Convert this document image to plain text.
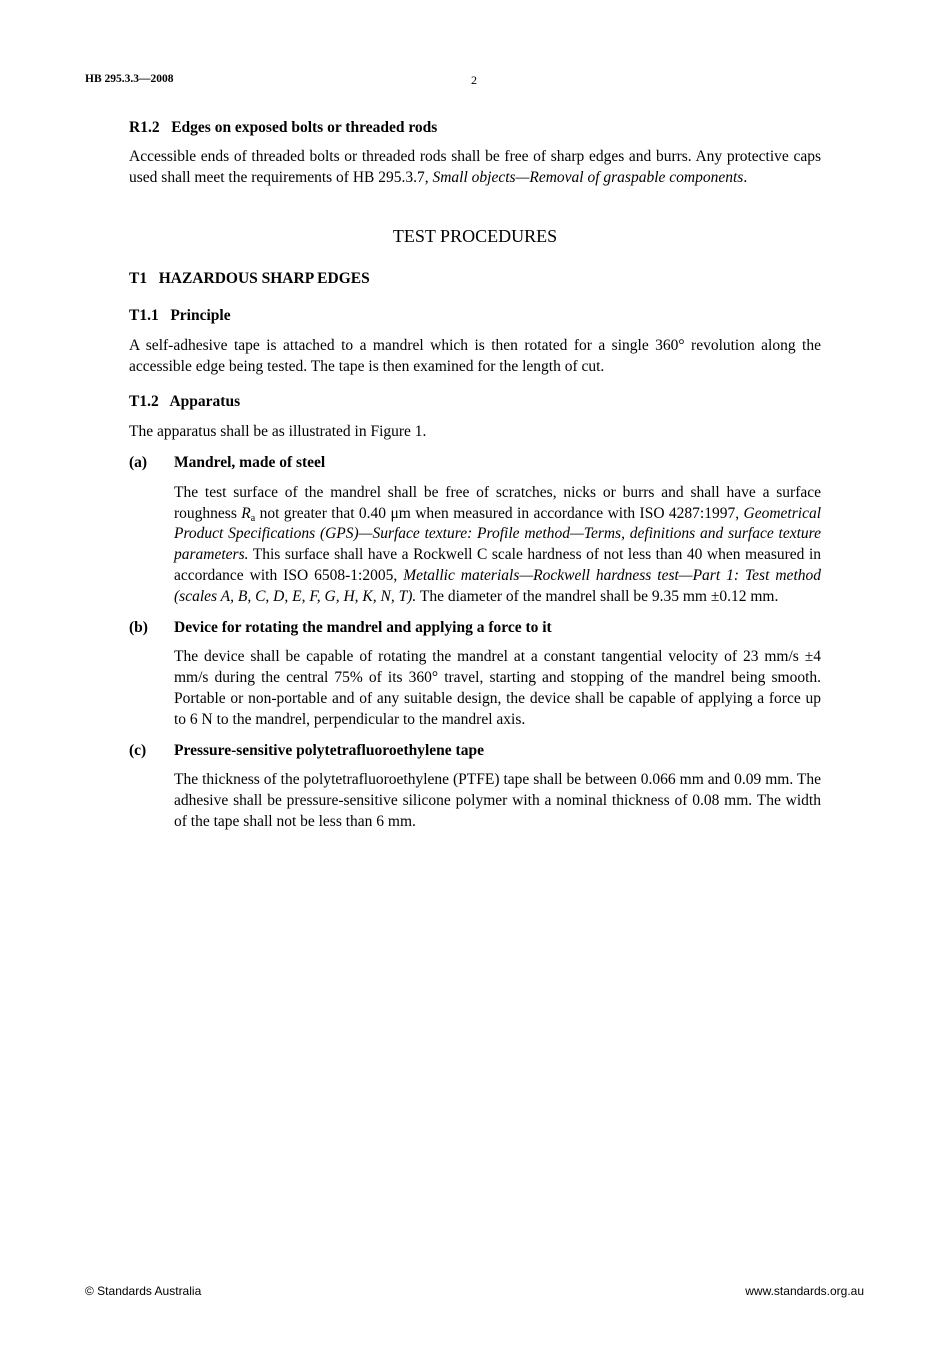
HB 295.3.3—2008	2

R1.2   Edges on exposed bolts or threaded rods

Accessible ends of threaded bolts or threaded rods shall be free of sharp edges and burrs. Any protective caps used shall meet the requirements of HB 295.3.7, Small objects—Removal of graspable components.

TEST PROCEDURES

T1   HAZARDOUS SHARP EDGES

T1.1   Principle

A self-adhesive tape is attached to a mandrel which is then rotated for a single 360° revolution along the accessible edge being tested. The tape is then examined for the length of cut.

T1.2   Apparatus

The apparatus shall be as illustrated in Figure 1.

(a) Mandrel, made of steel
The test surface of the mandrel shall be free of scratches, nicks or burrs and shall have a surface roughness $R_a$ not greater that 0.40 μm when measured in accordance with ISO 4287:1997, Geometrical Product Specifications (GPS)—Surface texture: Profile method—Terms, definitions and surface texture parameters. This surface shall have a Rockwell C scale hardness of not less than 40 when measured in accordance with ISO 6508-1:2005, Metallic materials—Rockwell hardness test—Part 1: Test method (scales A, B, C, D, E, F, G, H, K, N, T). The diameter of the mandrel shall be 9.35 mm ±0.12 mm.
(b) Device for rotating the mandrel and applying a force to it
The device shall be capable of rotating the mandrel at a constant tangential velocity of 23 mm/s ±4 mm/s during the central 75% of its 360° travel, starting and stopping of the mandrel being smooth. Portable or non-portable and of any suitable design, the device shall be capable of applying a force up to 6 N to the mandrel, perpendicular to the mandrel axis.
(c) Pressure-sensitive polytetrafluoroethylene tape
The thickness of the polytetrafluoroethylene (PTFE) tape shall be between 0.066 mm and 0.09 mm. The adhesive shall be pressure-sensitive silicone polymer with a nominal thickness of 0.08 mm. The width of the tape shall not be less than 6 mm.
© Standards Australia	www.standards.org.au
